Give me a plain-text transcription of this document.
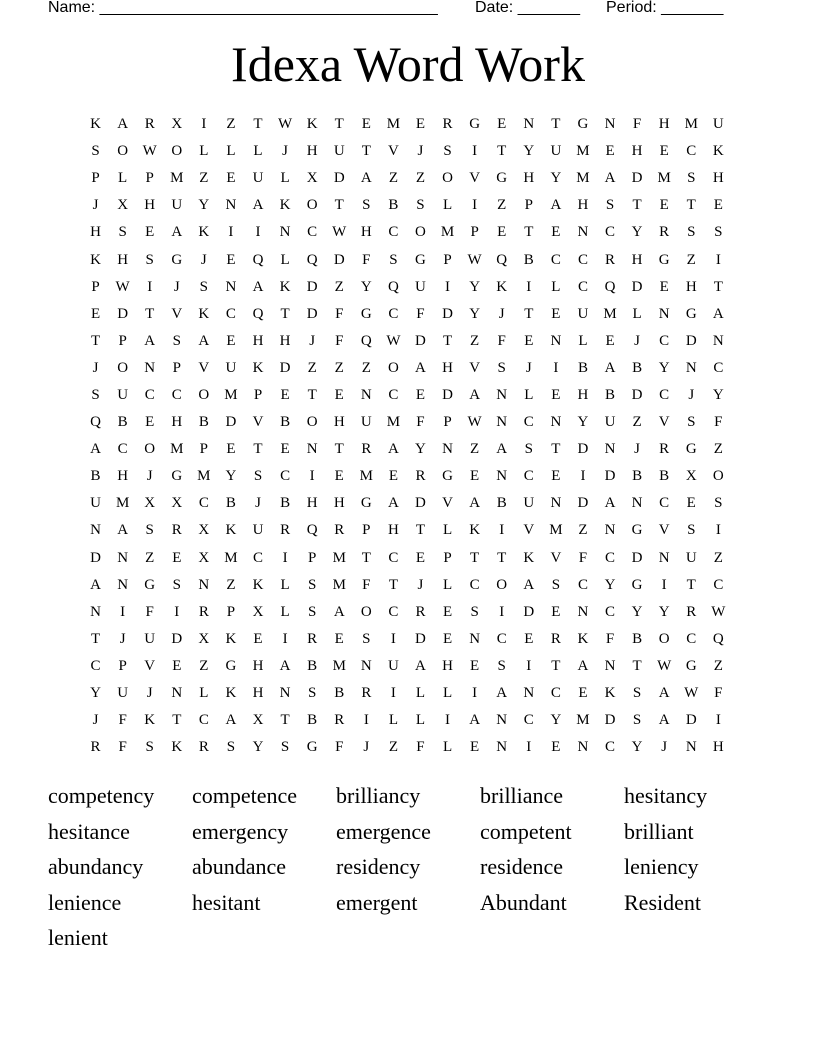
Name: ______________________________________ Date: _______ Period: _______
Idexa Word Work
K	A	R	X	I	Z	T	W K	T	E	M	E	R	G	E	N	T	G	N	F	H M U
S	O W O	L	L	L	J	H	U	T	V	J	S	I	T	Y	U M	E	H	E	C	K
P	L	P	M	Z	E	U	L	X	D	A	Z	Z	O	V	G	H	Y M A	D M	S	H
J	X	H	U	Y	N	A	K	O	T	S	B	S	L	I	Z	P	A	H	S	T	E	T	E
H	S	E	A	K	I	I	N	C W H	C	O M	P	E	T	E	N	C	Y	R	S	S
K	H	S	G	J	E	Q	L	Q	D	F	S	G	P	W Q	B	C	C	R	H	G	Z	I
P	W	I	J	S	N	A	K	D	Z	Y	Q	U	I	Y	K	I	L	C	Q	D	E	H	T
E	D	T	V	K	C	Q	T	D	F	G	C	F	D	Y	J	T	E	U M	L	N	G	A
T	P	A	S	A	E	H	H	J	F	Q W D	T	Z	F	E	N	L	E	J	C	D	N
J	O	N	P	V	U	K	D	Z	Z	Z	O	A	H	V	S	J	I	B	A	B	Y	N	C
S	U	C	C	O M	P	E	T	E	N	C	E	D	A	N	L	E	H	B	D	C	J	Y
Q	B	E	H	B	D	V	B	O	H	U M	F	P	W N	C	N	Y	U	Z	V	S	F
A	C	O M	P	E	T	E	N	T	R	A	Y	N	Z	A	S	T	D	N	J	R	G	Z
B	H	J	G M Y	S	C	I	E	M	E	R	G	E	N	C	E	I	D	B	B	X	O
U M X	X	C	B	J	B	H	H	G	A	D	V	A	B	U	N	D	A	N	C	E	S
N	A	S	R	X	K	U	R	Q	R	P	H	T	L	K	I	V M	Z	N	G	V	S	I
D	N	Z	E	X M	C	I	P	M	T	C	E	P	T	T	K	V	F	C	D	N	U	Z
A	N	G	S	N	Z	K	L	S	M	F	T	J	L	C	O	A	S	C	Y	G	I	T	C
N	I	F	I	R	P	X	L	S	A	O	C	R	E	S	I	D	E	N	C	Y	Y	R W
T	J	U	D	X	K	E	I	R	E	S	I	D	E	N	C	E	R	K	F	B	O	C	Q
C	P	V	E	Z	G	H	A	B	M N	U	A	H	E	S	I	T	A	N	T	W G	Z
Y	U	J	N	L	K	H	N	S	B	R	I	L	L	I	A	N	C	E	K	S	A W	F
J	F	K	T	C	A	X	T	B	R	I	L	L	I	A	N	C	Y M D	S	A	D	I
R	F	S	K	R	S	Y	S	G	F	J	Z	F	L	E	N	I	E	N	C	Y	J	N	H
competency	competence	brilliancy	brilliance	hesitancy
hesitance	emergency	emergence	competent	brilliant
abundancy	abundance	residency	residence	leniency
lenience	hesitant	emergent	Abundant	Resident
lenient
